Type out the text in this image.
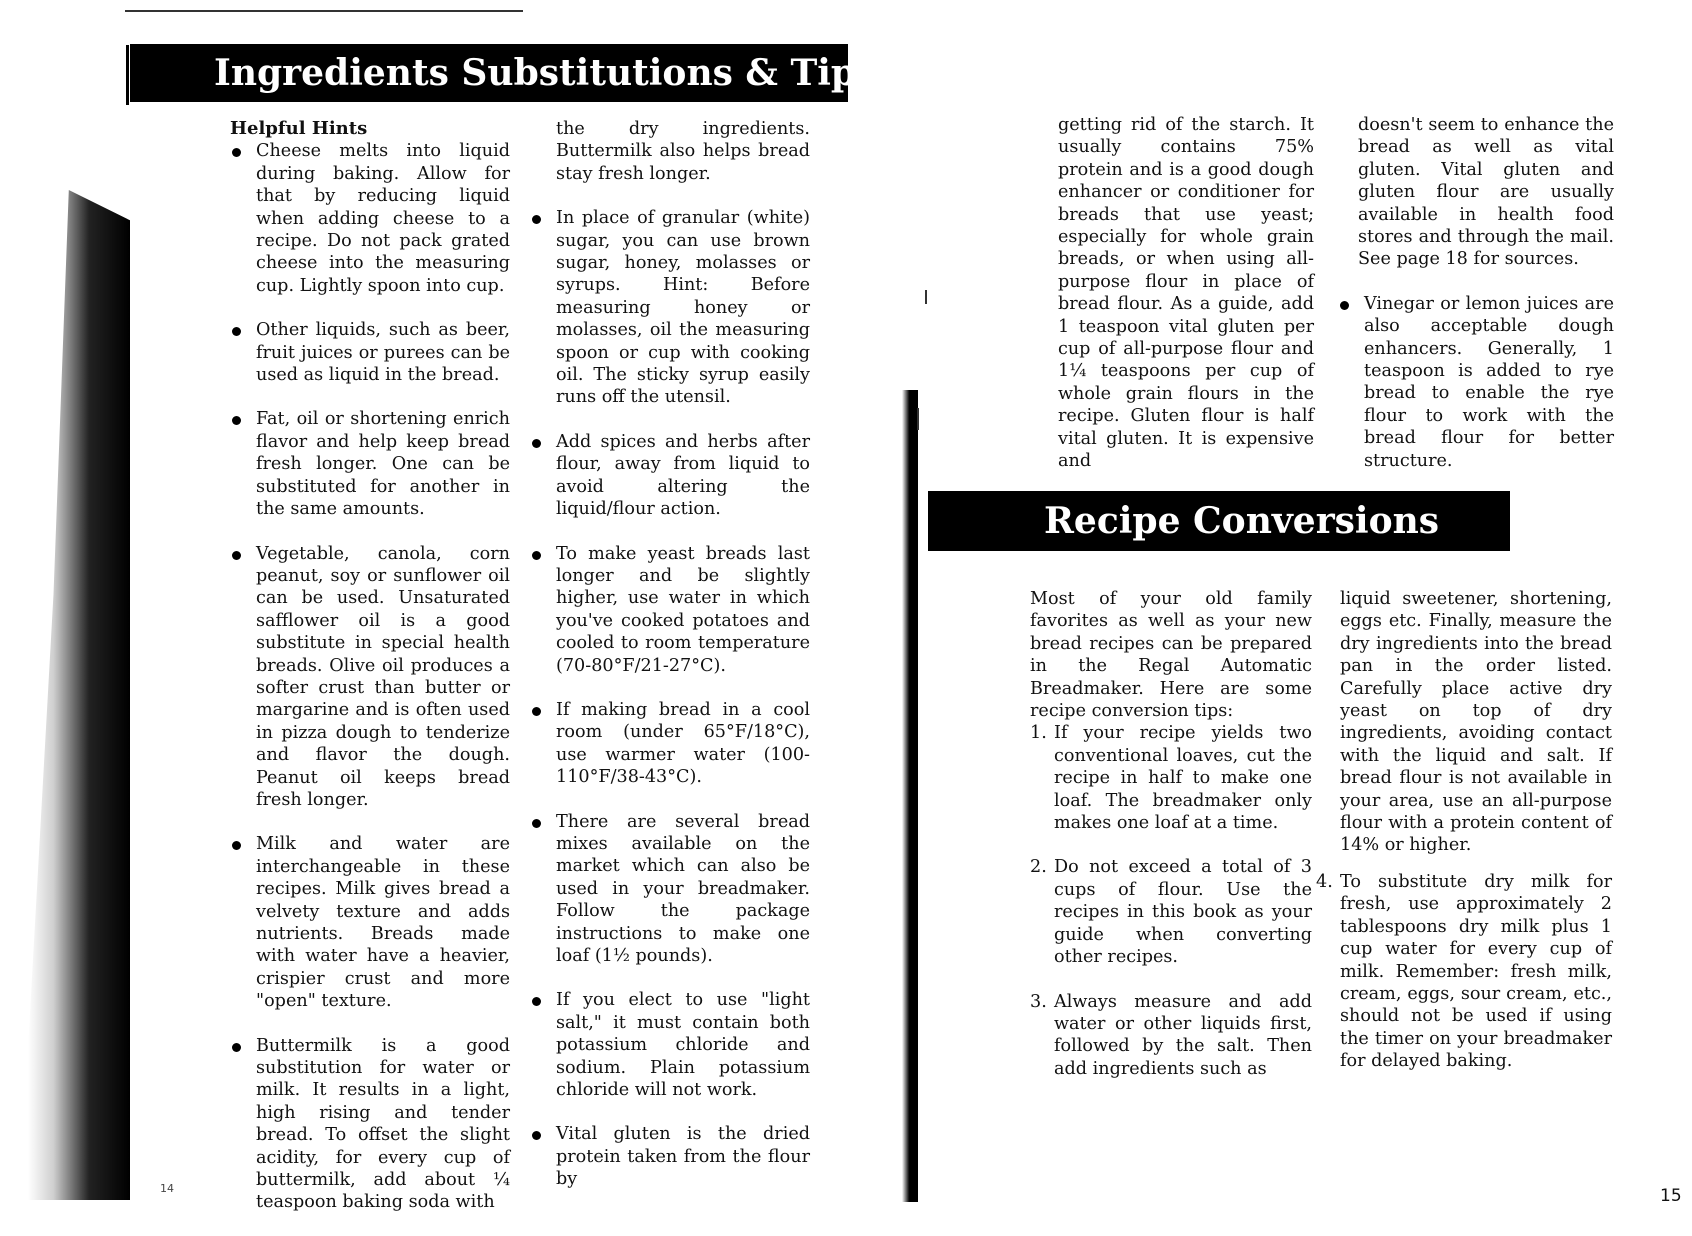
Ingredients Substitutions & Tips

Helpful Hints

Cheese melts into liquid during baking. Allow for that by reducing liquid when adding cheese to a recipe. Do not pack grated cheese into the measuring cup. Lightly spoon into cup.
Other liquids, such as beer, fruit juices or purees can be used as liquid in the bread.
Fat, oil or shortening enrich flavor and help keep bread fresh longer. One can be substituted for another in the same amounts.
Vegetable, canola, corn peanut, soy or sunflower oil can be used. Unsaturated safflower oil is a good substitute in special health breads. Olive oil produces a softer crust than butter or margarine and is often used in pizza dough to tenderize and flavor the dough. Peanut oil keeps bread fresh longer.
Milk and water are interchangeable in these recipes. Milk gives bread a velvety texture and adds nutrients. Breads made with water have a heavier, crispier crust and more "open" texture.
Buttermilk is a good substitution for water or milk. It results in a light, high rising and tender bread. To offset the slight acidity, for every cup of buttermilk, add about ¼ teaspoon baking soda with
the dry ingredients. Buttermilk also helps bread stay fresh longer.
In place of granular (white) sugar, you can use brown sugar, honey, molasses or syrups. Hint: Before measuring honey or molasses, oil the measuring spoon or cup with cooking oil. The sticky syrup easily runs off the utensil.
Add spices and herbs after flour, away from liquid to avoid altering the liquid/flour action.
To make yeast breads last longer and be slightly higher, use water in which you've cooked potatoes and cooled to room temperature (70-80°F/21-27°C).
If making bread in a cool room (under 65°F/18°C), use warmer water (100-110°F/38-43°C).
There are several bread mixes available on the market which can also be used in your breadmaker. Follow the package instructions to make one loaf (1½ pounds).
If you elect to use "light salt," it must contain both potassium chloride and sodium. Plain potassium chloride will not work.
Vital gluten is the dried protein taken from the flour by
14
getting rid of the starch. It usually contains 75% protein and is a good dough enhancer or conditioner for breads that use yeast; especially for whole grain breads, or when using all-purpose flour in place of bread flour. As a guide, add 1 teaspoon vital gluten per cup of all-purpose flour and 1¼ teaspoons per cup of whole grain flours in the recipe. Gluten flour is half vital gluten. It is expensive and
doesn't seem to enhance the bread as well as vital gluten. Vital gluten and gluten flour are usually available in health food stores and through the mail. See page 18 for sources.
Vinegar or lemon juices are also acceptable dough enhancers. Generally, 1 teaspoon is added to rye bread to enable the rye flour to work with the bread flour for better structure.
Recipe Conversions

Most of your old family favorites as well as your new bread recipes can be prepared in the Regal Automatic Breadmaker. Here are some recipe conversion tips:

1. If your recipe yields two conventional loaves, cut the recipe in half to make one loaf. The breadmaker only makes one loaf at a time.
2. Do not exceed a total of 3 cups of flour. Use the recipes in this book as your guide when converting other recipes.
3. Always measure and add water or other liquids first, followed by the salt. Then add ingredients such as

liquid sweetener, shortening, eggs etc. Finally, measure the dry ingredients into the bread pan in the order listed. Carefully place active dry yeast on top of dry ingredients, avoiding contact with the liquid and salt. If bread flour is not available in your area, use an all-purpose flour with a protein content of 14% or higher.

4. To substitute dry milk for fresh, use approximately 2 tablespoons dry milk plus 1 cup water for every cup of milk. Remember: fresh milk, cream, eggs, sour cream, etc., should not be used if using the timer on your breadmaker for delayed baking.
15
